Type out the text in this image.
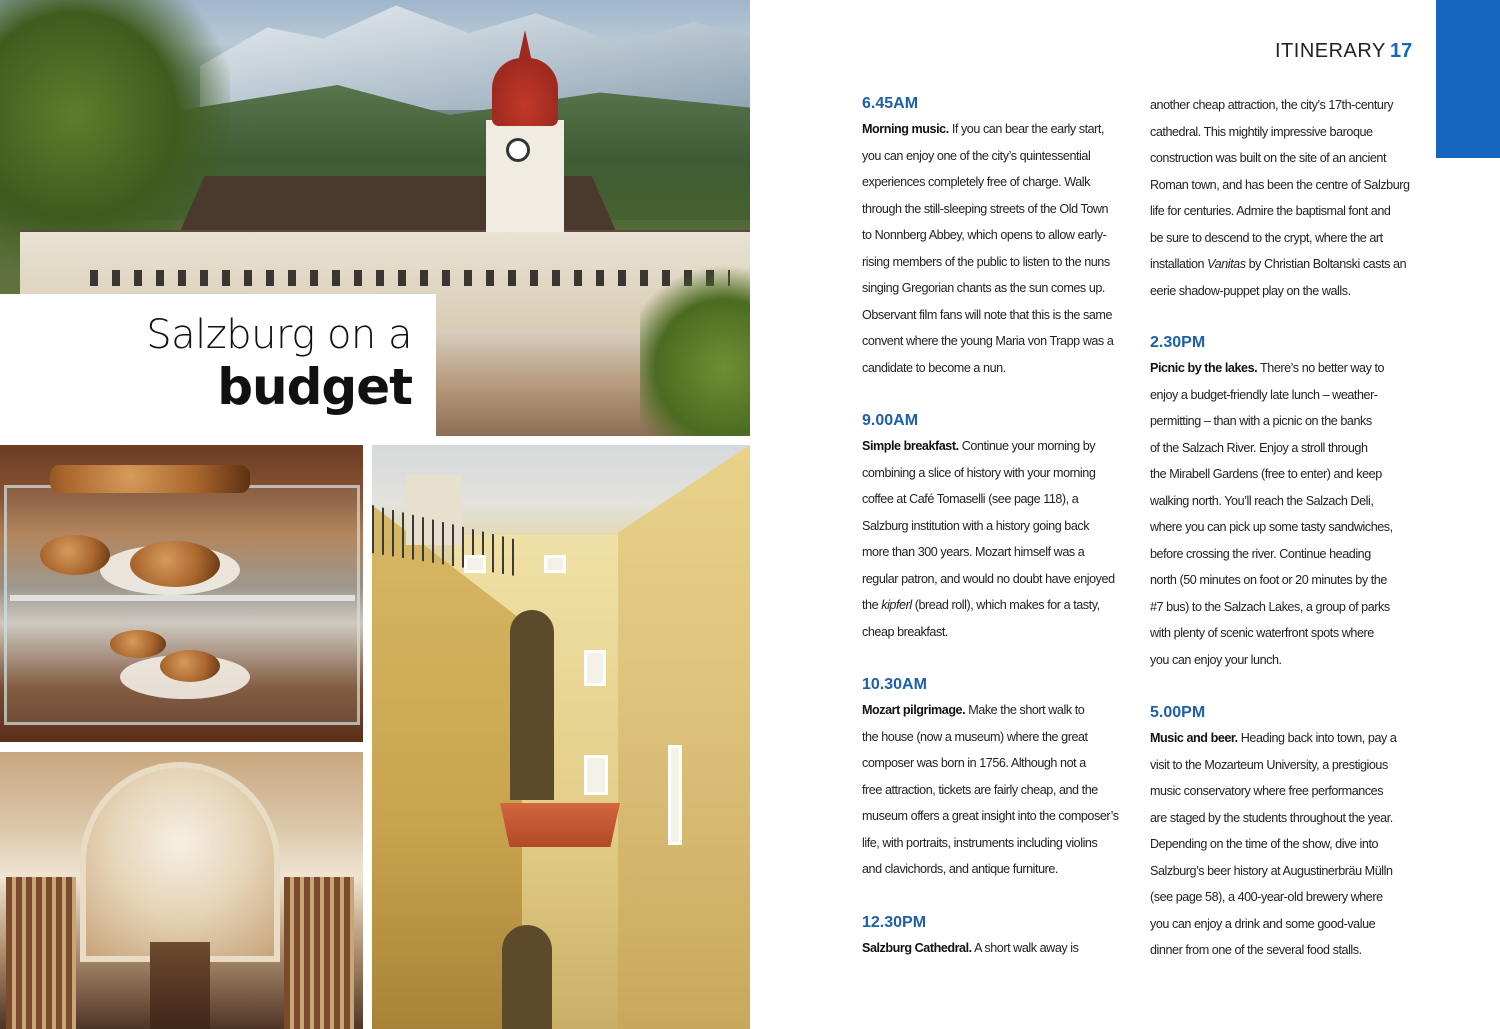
Salzburg on a
budget
ITINERARY 17
6.45AM
Morning music. If you can bear the early start,
you can enjoy one of the city’s quintessential
experiences completely free of charge. Walk
through the still-sleeping streets of the Old Town
to Nonnberg Abbey, which opens to allow early-
rising members of the public to listen to the nuns
singing Gregorian chants as the sun comes up.
Observant film fans will note that this is the same
convent where the young Maria von Trapp was a
candidate to become a nun.
9.00AM
Simple breakfast. Continue your morning by
combining a slice of history with your morning
coffee at Café Tomaselli (see page 118), a
Salzburg institution with a history going back
more than 300 years. Mozart himself was a
regular patron, and would no doubt have enjoyed
the kipferl (bread roll), which makes for a tasty,
cheap breakfast.
10.30AM
Mozart pilgrimage. Make the short walk to
the house (now a museum) where the great
composer was born in 1756. Although not a
free attraction, tickets are fairly cheap, and the
museum offers a great insight into the composer’s
life, with portraits, instruments including violins
and clavichords, and antique furniture.
12.30PM
Salzburg Cathedral. A short walk away is
another cheap attraction, the city’s 17th-century
cathedral. This mightily impressive baroque
construction was built on the site of an ancient
Roman town, and has been the centre of Salzburg
life for centuries. Admire the baptismal font and
be sure to descend to the crypt, where the art
installation Vanitas by Christian Boltanski casts an
eerie shadow-puppet play on the walls.
2.30PM
Picnic by the lakes. There’s no better way to
enjoy a budget-friendly late lunch – weather-
permitting – than with a picnic on the banks
of the Salzach River. Enjoy a stroll through
the Mirabell Gardens (free to enter) and keep
walking north. You’ll reach the Salzach Deli,
where you can pick up some tasty sandwiches,
before crossing the river. Continue heading
north (50 minutes on foot or 20 minutes by the
#7 bus) to the Salzach Lakes, a group of parks
with plenty of scenic waterfront spots where
you can enjoy your lunch.
5.00PM
Music and beer. Heading back into town, pay a
visit to the Mozarteum University, a prestigious
music conservatory where free performances
are staged by the students throughout the year.
Depending on the time of the show, dive into
Salzburg’s beer history at Augustinerbräu Mülln
(see page 58), a 400-year-old brewery where
you can enjoy a drink and some good-value
dinner from one of the several food stalls.
